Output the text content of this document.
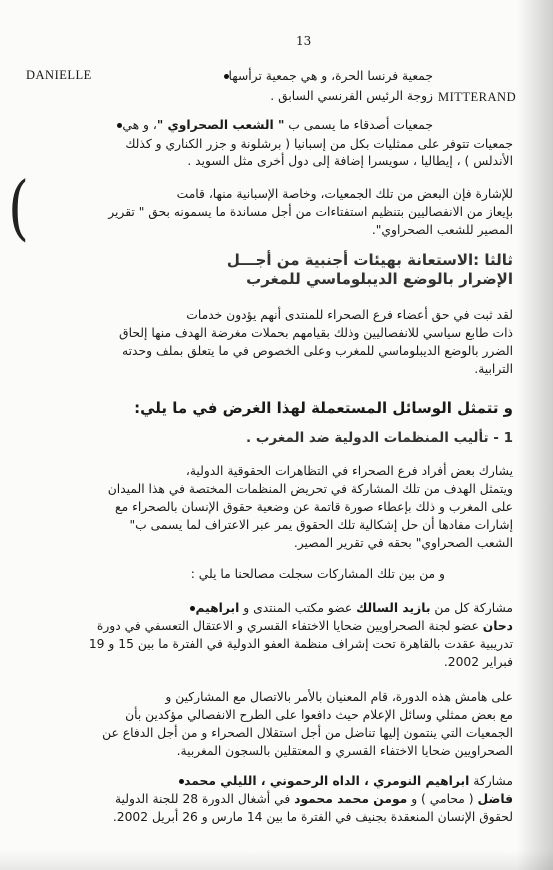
13
جمعية فرنسا الحرة، و هي جمعية ترأسها
DANIELLE
MITTERAND
زوجة الرئيس الفرنسي السابق .
جمعيات أصدقاء ما يسمى ب " الشعب الصحراوي "، و هي
جمعيات تتوفر على ممثليات بكل من إسبانيا ( برشلونة و جزر الكناري و كذلك
الأندلس ) ، إيطاليا ، سويسرا إضافة إلى دول أخرى مثل السويد .
(	للإشارة فإن البعض من تلك الجمعيات، وخاصة الإسبانية منها، قامت
بإيعاز من الانفصاليين بتنظيم استفتاءات من أجل مساندة ما يسمونه بحق " تقرير
المصير للشعب الصحراوي".
ثالثا :الاستعانة بهيئات أجنبية من أجـــل
الإضرار بالوضع الديبلوماسي للمغرب
لقد ثبت في حق أعضاء فرع الصحراء للمنتدى أنهم يؤدون خدمات
ذات طابع سياسي للانفصاليين وذلك بقيامهم بحملات مغرضة الهدف منها إلحاق
الضرر بالوضع الديبلوماسي للمغرب وعلى الخصوص في ما يتعلق بملف وحدته
الترابية.
و تتمثل الوسائل المستعملة لهذا الغرض في ما يلي:
1 - تأليب المنظمات الدولية ضد المغرب .
يشارك بعض أفراد فرع الصحراء في التظاهرات الحقوقية الدولية،
ويتمثل الهدف من تلك المشاركة في تحريض المنظمات المختصة في هذا الميدان
على المغرب و ذلك بإعطاء صورة قاتمة عن وضعية حقوق الإنسان بالصحراء مع
إشارات مفادها أن حل إشكالية تلك الحقوق يمر عبر الاعتراف لما يسمى ب"
الشعب الصحراوي" بحقه في تقرير المصير.
و من بين تلك المشاركات سجلت مصالحنا ما يلي :
مشاركة كل من بازيد السالك عضو مكتب المنتدى و ابراهيم
دحان عضو لجنة الصحراويين ضحايا الاختفاء القسري و الاعتقال التعسفي في دورة
تدريبية عقدت بالقاهرة تحت إشراف منظمة العفو الدولية في الفترة ما بين 15 و 19
فبراير 2002.
على هامش هذه الدورة، قام المعنيان بالأمر بالاتصال مع المشاركين و
مع بعض ممثلي وسائل الإعلام حيث دافعوا على الطرح الانفصالي مؤكدين بأن
الجمعيات التي ينتمون إليها تناضل من أجل استقلال الصحراء و من أجل الدفاع عن
الصحراويين ضحايا الاختفاء القسري و المعتقلين بالسجون المغربية.
مشاركة ابراهيم النومري ، الداه الرحموني ، الليلي محمد
فاضل ( محامي ) و مومن محمد محمود في أشغال الدورة 28 للجنة الدولية
لحقوق الإنسان المنعقدة بجنيف في الفترة ما بين 14 مارس و 26 أبريل 2002.
